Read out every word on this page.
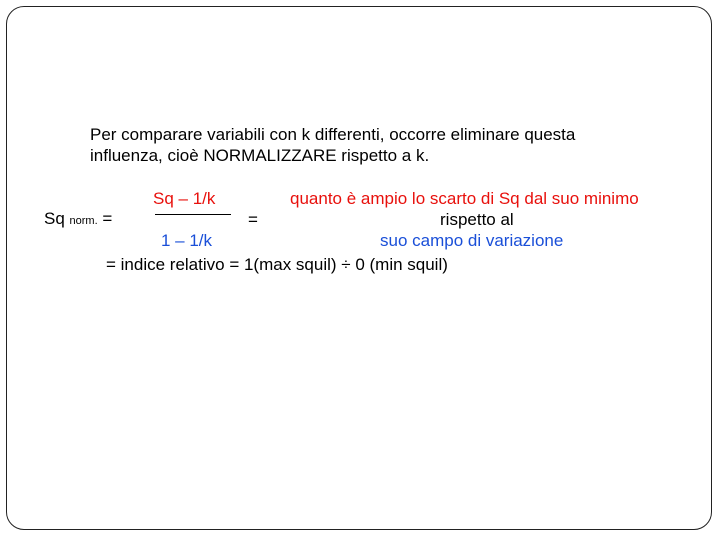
Per comparare variabili con k differenti, occorre eliminare questa
influenza, cioè NORMALIZZARE rispetto a k.
Sq norm. =
Sq – 1/k
1 – 1/k
=
quanto è ampio lo scarto di Sq dal suo minimo
rispetto al
suo campo di variazione
= indice relativo = 1(max squil) ÷ 0 (min squil)
